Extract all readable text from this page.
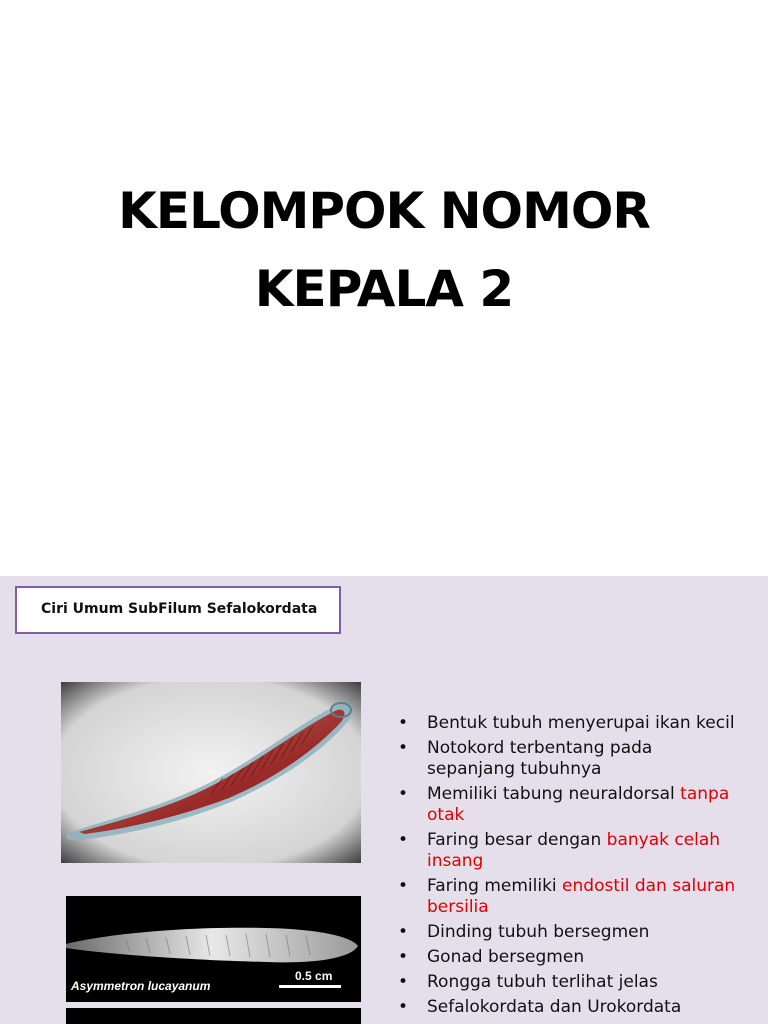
KELOMPOK NOMOR
KEPALA 2
Ciri Umum SubFilum Sefalokordata
0.5 cm
Asymmetron lucayanum
• Bentuk tubuh menyerupai ikan kecil
• Notokord terbentang pada sepanjang tubuhnya
• Memiliki tabung neuraldorsal tanpa otak
• Faring besar dengan banyak celah insang
• Faring memiliki endostil dan saluran bersilia
• Dinding tubuh bersegmen
• Gonad bersegmen
• Rongga tubuh terlihat jelas
• Sefalokordata dan Urokordata
